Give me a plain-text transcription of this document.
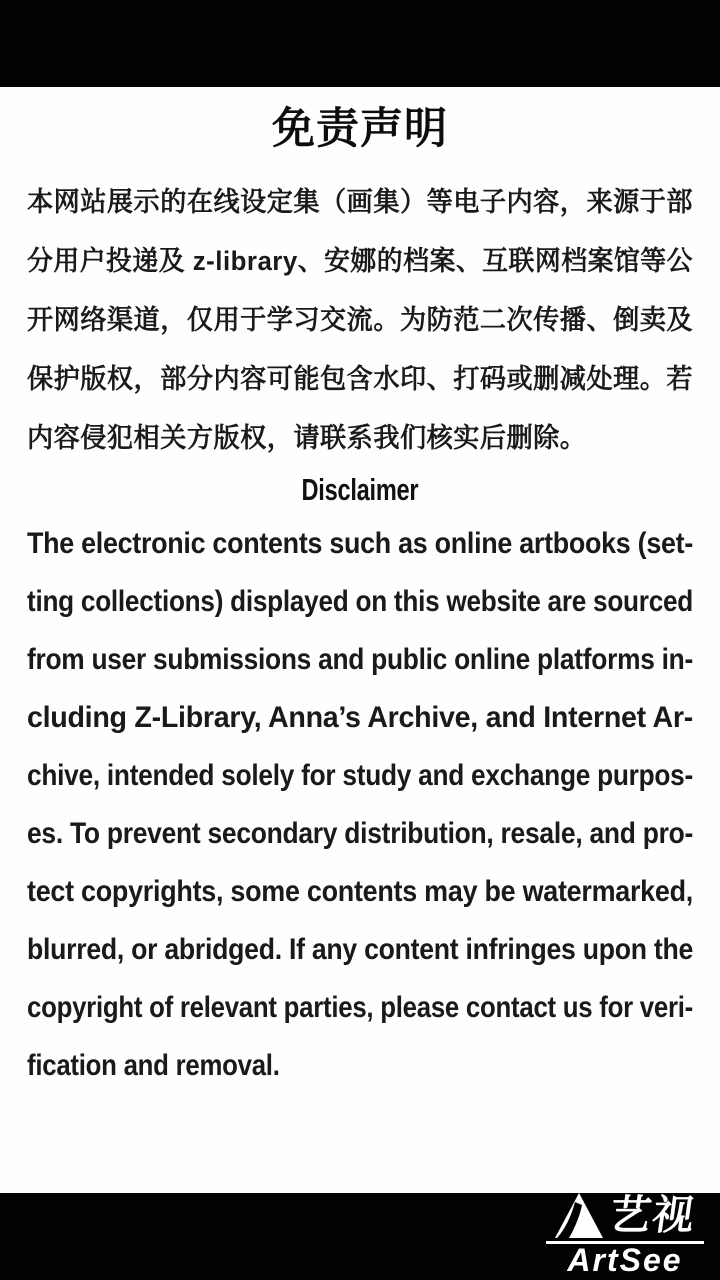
免责声明
本网站展示的在线设定集（画集）等电子内容，来源于部
分用户投递及 z-library、安娜的档案、互联网档案馆等公
开网络渠道，仅用于学习交流。为防范二次传播、倒卖及
保护版权，部分内容可能包含水印、打码或删减处理。若
内容侵犯相关方版权，请联系我们核实后删除。
Disclaimer
The electronic contents such as online artbooks (set-
ting collections) displayed on this website are sourced
from user submissions and public online platforms in-
cluding Z-Library, Anna’s Archive, and Internet Ar-
chive, intended solely for study and exchange purpos-
es. To prevent secondary distribution, resale, and pro-
tect copyrights, some contents may be watermarked,
blurred, or abridged. If any content infringes upon the
copyright of relevant parties, please contact us for veri-
fication and removal.
艺视
ArtSee
